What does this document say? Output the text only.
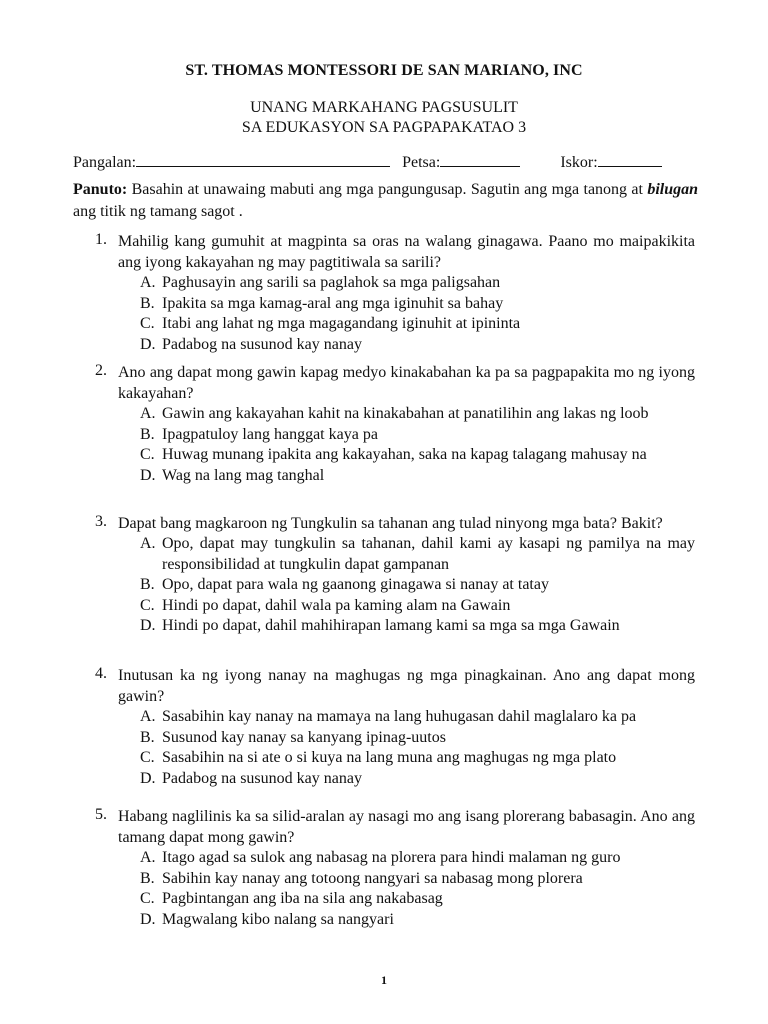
ST. THOMAS MONTESSORI DE SAN MARIANO, INC
UNANG MARKAHANG PAGSUSULIT
SA EDUKASYON SA PAGPAPAKATAO 3
Pangalan:	Petsa:	Iskor:
Panuto: Basahin at unawaing mabuti ang mga pangungusap. Sagutin ang mga tanong at bilugan ang titik ng tamang sagot .
1. Mahilig kang gumuhit at magpinta sa oras na walang ginagawa. Paano mo maipakikita ang iyong kakayahan ng may pagtitiwala sa sarili?
A. Paghusayin ang sarili sa paglahok sa mga paligsahan
B. Ipakita sa mga kamag-aral ang mga iginuhit sa bahay
C. Itabi ang lahat ng mga magagandang iginuhit at ipininta
D. Padabog na susunod kay nanay
2. Ano ang dapat mong gawin kapag medyo kinakabahan ka pa sa pagpapakita mo ng iyong kakayahan?
A. Gawin ang kakayahan kahit na kinakabahan at panatilihin ang lakas ng loob
B. Ipagpatuloy lang hanggat kaya pa
C. Huwag munang ipakita ang kakayahan, saka na kapag talagang mahusay na
D. Wag na lang mag tanghal
3. Dapat bang magkaroon ng Tungkulin sa tahanan ang tulad ninyong mga bata? Bakit?
A. Opo, dapat may tungkulin sa tahanan, dahil kami ay kasapi ng pamilya na may responsibilidad at tungkulin dapat gampanan
B. Opo, dapat para wala ng gaanong ginagawa si nanay at tatay
C. Hindi po dapat, dahil wala pa kaming alam na Gawain
D. Hindi po dapat, dahil mahihirapan lamang kami sa mga sa mga Gawain
4. Inutusan ka ng iyong nanay na maghugas ng mga pinagkainan. Ano ang dapat mong gawin?
A. Sasabihin kay nanay na mamaya na lang huhugasan dahil maglalaro ka pa
B. Susunod kay nanay sa kanyang ipinag-uutos
C. Sasabihin na si ate o si kuya na lang muna ang maghugas ng mga plato
D. Padabog na susunod kay nanay
5. Habang naglilinis ka sa silid-aralan ay nasagi mo ang isang plorerang babasagin. Ano ang tamang dapat mong gawin?
A. Itago agad sa sulok ang nabasag na plorera para hindi malaman ng guro
B. Sabihin kay nanay ang totoong nangyari sa nabasag mong plorera
C. Pagbintangan ang iba na sila ang nakabasag
D. Magwalang kibo nalang sa nangyari
1
